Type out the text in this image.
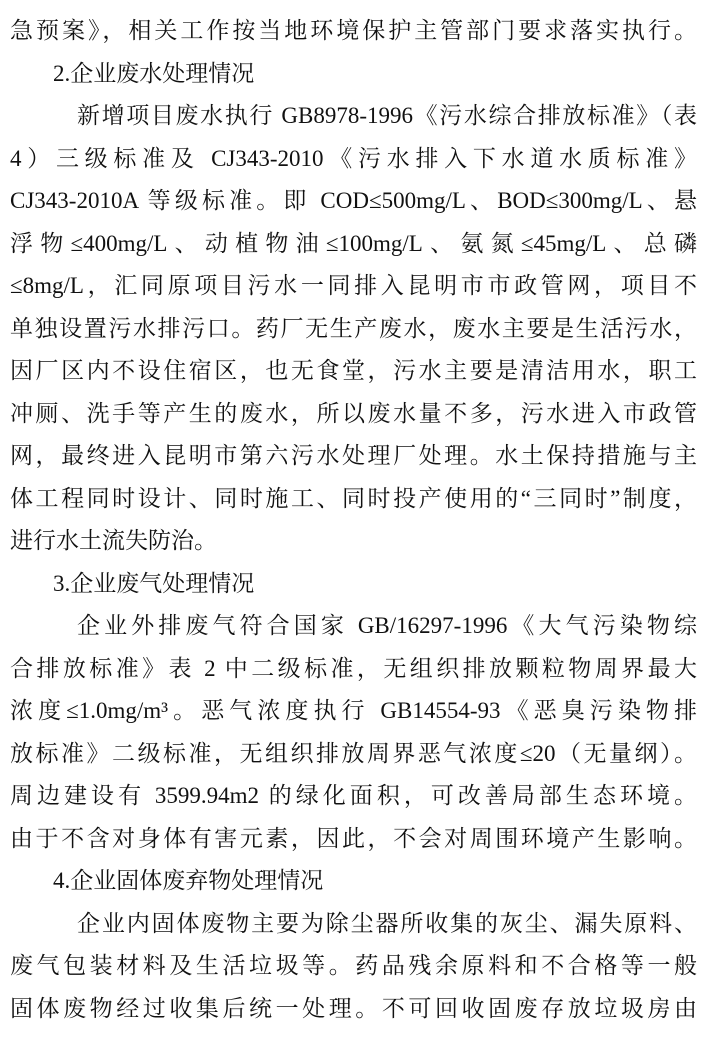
急预案》，相关工作按当地环境保护主管部门要求落实执行。
2.企业废水处理情况
新增项目废水执行 GB8978-1996《污水综合排放标准》（表
4）三级标准及 CJ343-2010《污水排入下水道水质标准》
CJ343-2010A 等级标准。即 COD≤500mg/L、BOD≤300mg/L、悬
浮物≤400mg/L、动植物油≤100mg/L、氨氮≤45mg/L、总磷
≤8mg/L，汇同原项目污水一同排入昆明市市政管网，项目不
单独设置污水排污口。药厂无生产废水，废水主要是生活污水，
因厂区内不设住宿区，也无食堂，污水主要是清洁用水，职工
冲厕、洗手等产生的废水，所以废水量不多，污水进入市政管
网，最终进入昆明市第六污水处理厂处理。水土保持措施与主
体工程同时设计、同时施工、同时投产使用的“三同时”制度，
进行水土流失防治。
3.企业废气处理情况
企业外排废气符合国家 GB/16297-1996《大气污染物综
合排放标准》表 2 中二级标准，无组织排放颗粒物周界最大
浓度≤1.0mg/m³。恶气浓度执行 GB14554-93《恶臭污染物排
放标准》二级标准，无组织排放周界恶气浓度≤20（无量纲）。
周边建设有 3599.94m2 的绿化面积，可改善局部生态环境。
由于不含对身体有害元素，因此，不会对周围环境产生影响。
4.企业固体废弃物处理情况
企业内固体废物主要为除尘器所收集的灰尘、漏失原料、
废气包装材料及生活垃圾等。药品残余原料和不合格等一般
固体废物经过收集后统一处理。不可回收固废存放垃圾房由
